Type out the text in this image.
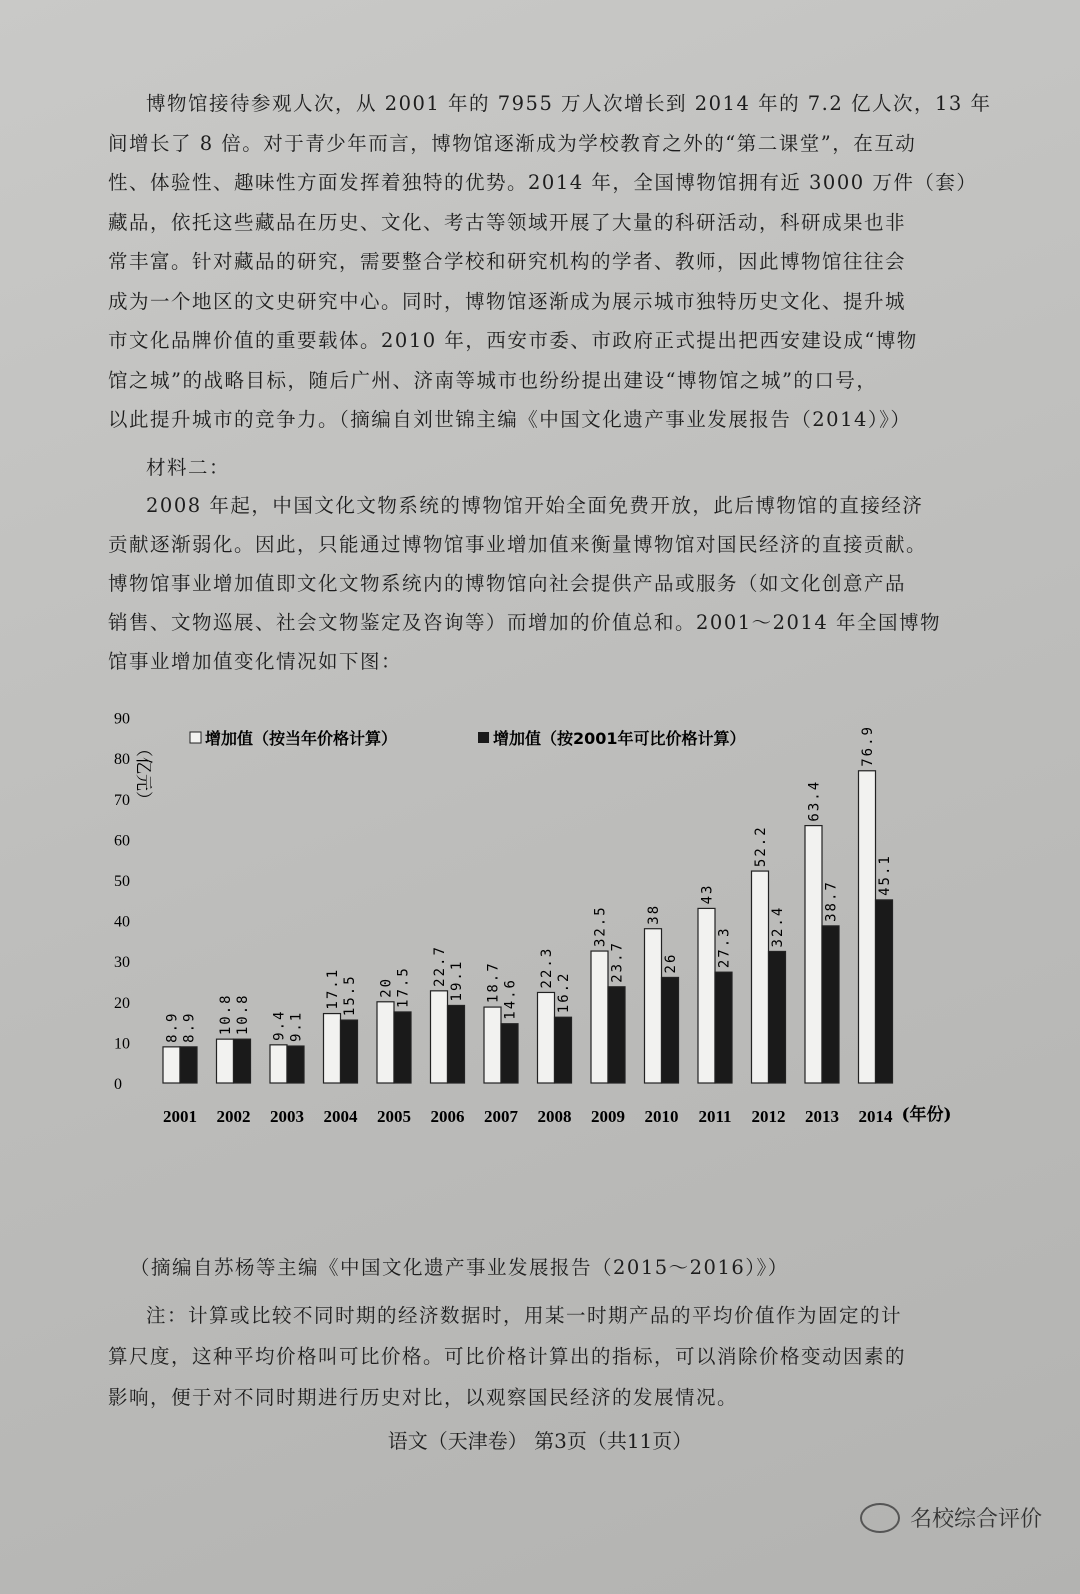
博物馆接待参观人次，从 2001 年的 7955 万人次增长到 2014 年的 7.2 亿人次，13 年
间增长了 8 倍。对于青少年而言，博物馆逐渐成为学校教育之外的“第二课堂”，在互动
性、体验性、趣味性方面发挥着独特的优势。2014 年，全国博物馆拥有近 3000 万件（套）
藏品，依托这些藏品在历史、文化、考古等领域开展了大量的科研活动，科研成果也非
常丰富。针对藏品的研究，需要整合学校和研究机构的学者、教师，因此博物馆往往会
成为一个地区的文史研究中心。同时，博物馆逐渐成为展示城市独特历史文化、提升城
市文化品牌价值的重要载体。2010 年，西安市委、市政府正式提出把西安建设成“博物
馆之城”的战略目标，随后广州、济南等城市也纷纷提出建设“博物馆之城”的口号，
以此提升城市的竞争力。（摘编自刘世锦主编《中国文化遗产事业发展报告（2014）》）
材料二：
2008 年起，中国文化文物系统的博物馆开始全面免费开放，此后博物馆的直接经济
贡献逐渐弱化。因此，只能通过博物馆事业增加值来衡量博物馆对国民经济的直接贡献。
博物馆事业增加值即文化文物系统内的博物馆向社会提供产品或服务（如文化创意产品
销售、文物巡展、社会文物鉴定及咨询等）而增加的价值总和。2001～2014 年全国博物
馆事业增加值变化情况如下图：
0
10
20
30
40
50
60
70
80
90
（亿元）
8.9 8.9
2001
10.8 10.8
2002
9.4 9.1
2003
17.1 15.5
2004
20 17.5
2005
22.7 19.1
2006
18.7 14.6
2007
22.3
16.2
2008
32.5
23.7
2009
38
26
2010
43
27.3
2011
52.2
32.4
2012
63.4
38.7
2013
76.9
45.1
2014 (年份)
增加值（按当年价格计算）	增加值（按2001年可比价格计算）
（摘编自苏杨等主编《中国文化遗产事业发展报告（2015～2016）》）
注：计算或比较不同时期的经济数据时，用某一时期产品的平均价值作为固定的计
算尺度，这种平均价格叫可比价格。可比价格计算出的指标，可以消除价格变动因素的
影响，便于对不同时期进行历史对比，以观察国民经济的发展情况。
语文（天津卷） 第3页（共11页）
名校综合评价
